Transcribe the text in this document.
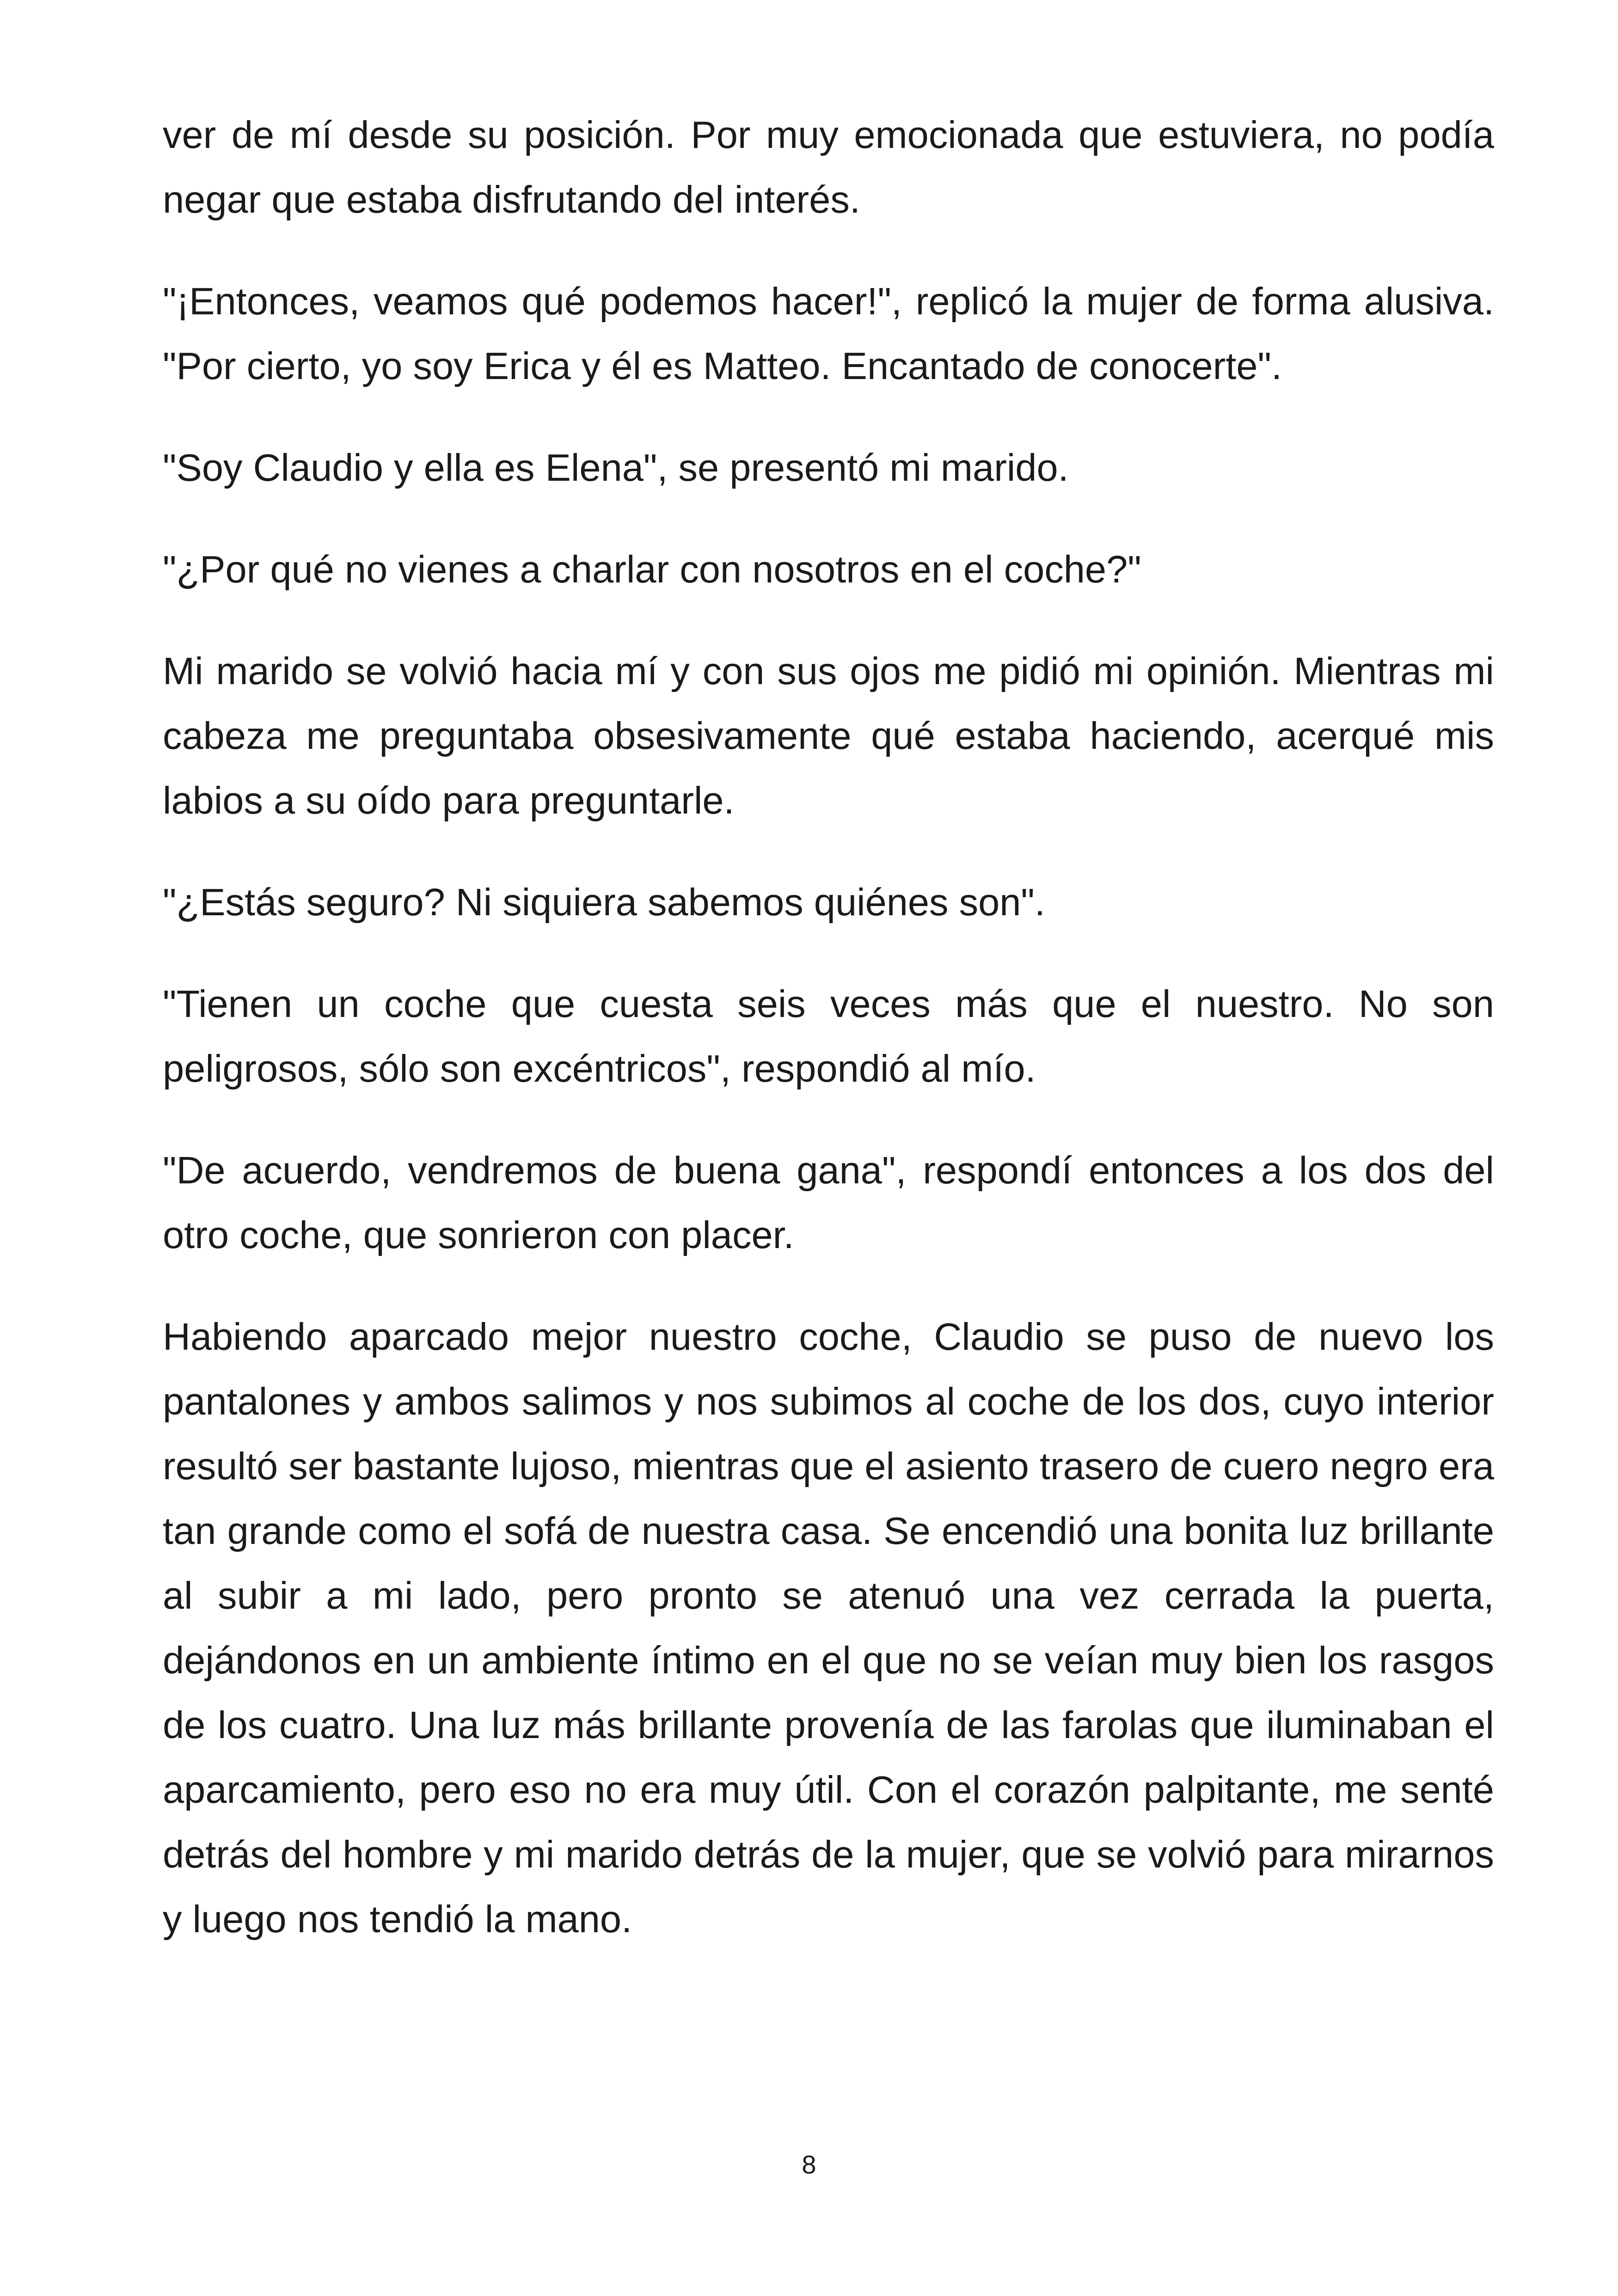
ver de mí desde su posición. Por muy emocionada que estuviera, no podía negar que estaba disfrutando del interés.

"¡Entonces, veamos qué podemos hacer!", replicó la mujer de forma alusiva. "Por cierto, yo soy Erica y él es Matteo. Encantado de conocerte".

"Soy Claudio y ella es Elena", se presentó mi marido.

"¿Por qué no vienes a charlar con nosotros en el coche?"

Mi marido se volvió hacia mí y con sus ojos me pidió mi opinión. Mientras mi cabeza me preguntaba obsesivamente qué estaba haciendo, acerqué mis labios a su oído para preguntarle.

"¿Estás seguro? Ni siquiera sabemos quiénes son".

"Tienen un coche que cuesta seis veces más que el nuestro. No son peligrosos, sólo son excéntricos", respondió al mío.

"De acuerdo, vendremos de buena gana", respondí entonces a los dos del otro coche, que sonrieron con placer.

Habiendo aparcado mejor nuestro coche, Claudio se puso de nuevo los pantalones y ambos salimos y nos subimos al coche de los dos, cuyo interior resultó ser bastante lujoso, mientras que el asiento trasero de cuero negro era tan grande como el sofá de nuestra casa. Se encendió una bonita luz brillante al subir a mi lado, pero pronto se atenuó una vez cerrada la puerta, dejándonos en un ambiente íntimo en el que no se veían muy bien los rasgos de los cuatro. Una luz más brillante provenía de las farolas que iluminaban el aparcamiento, pero eso no era muy útil. Con el corazón palpitante, me senté detrás del hombre y mi marido detrás de la mujer, que se volvió para mirarnos y luego nos tendió la mano.

8
